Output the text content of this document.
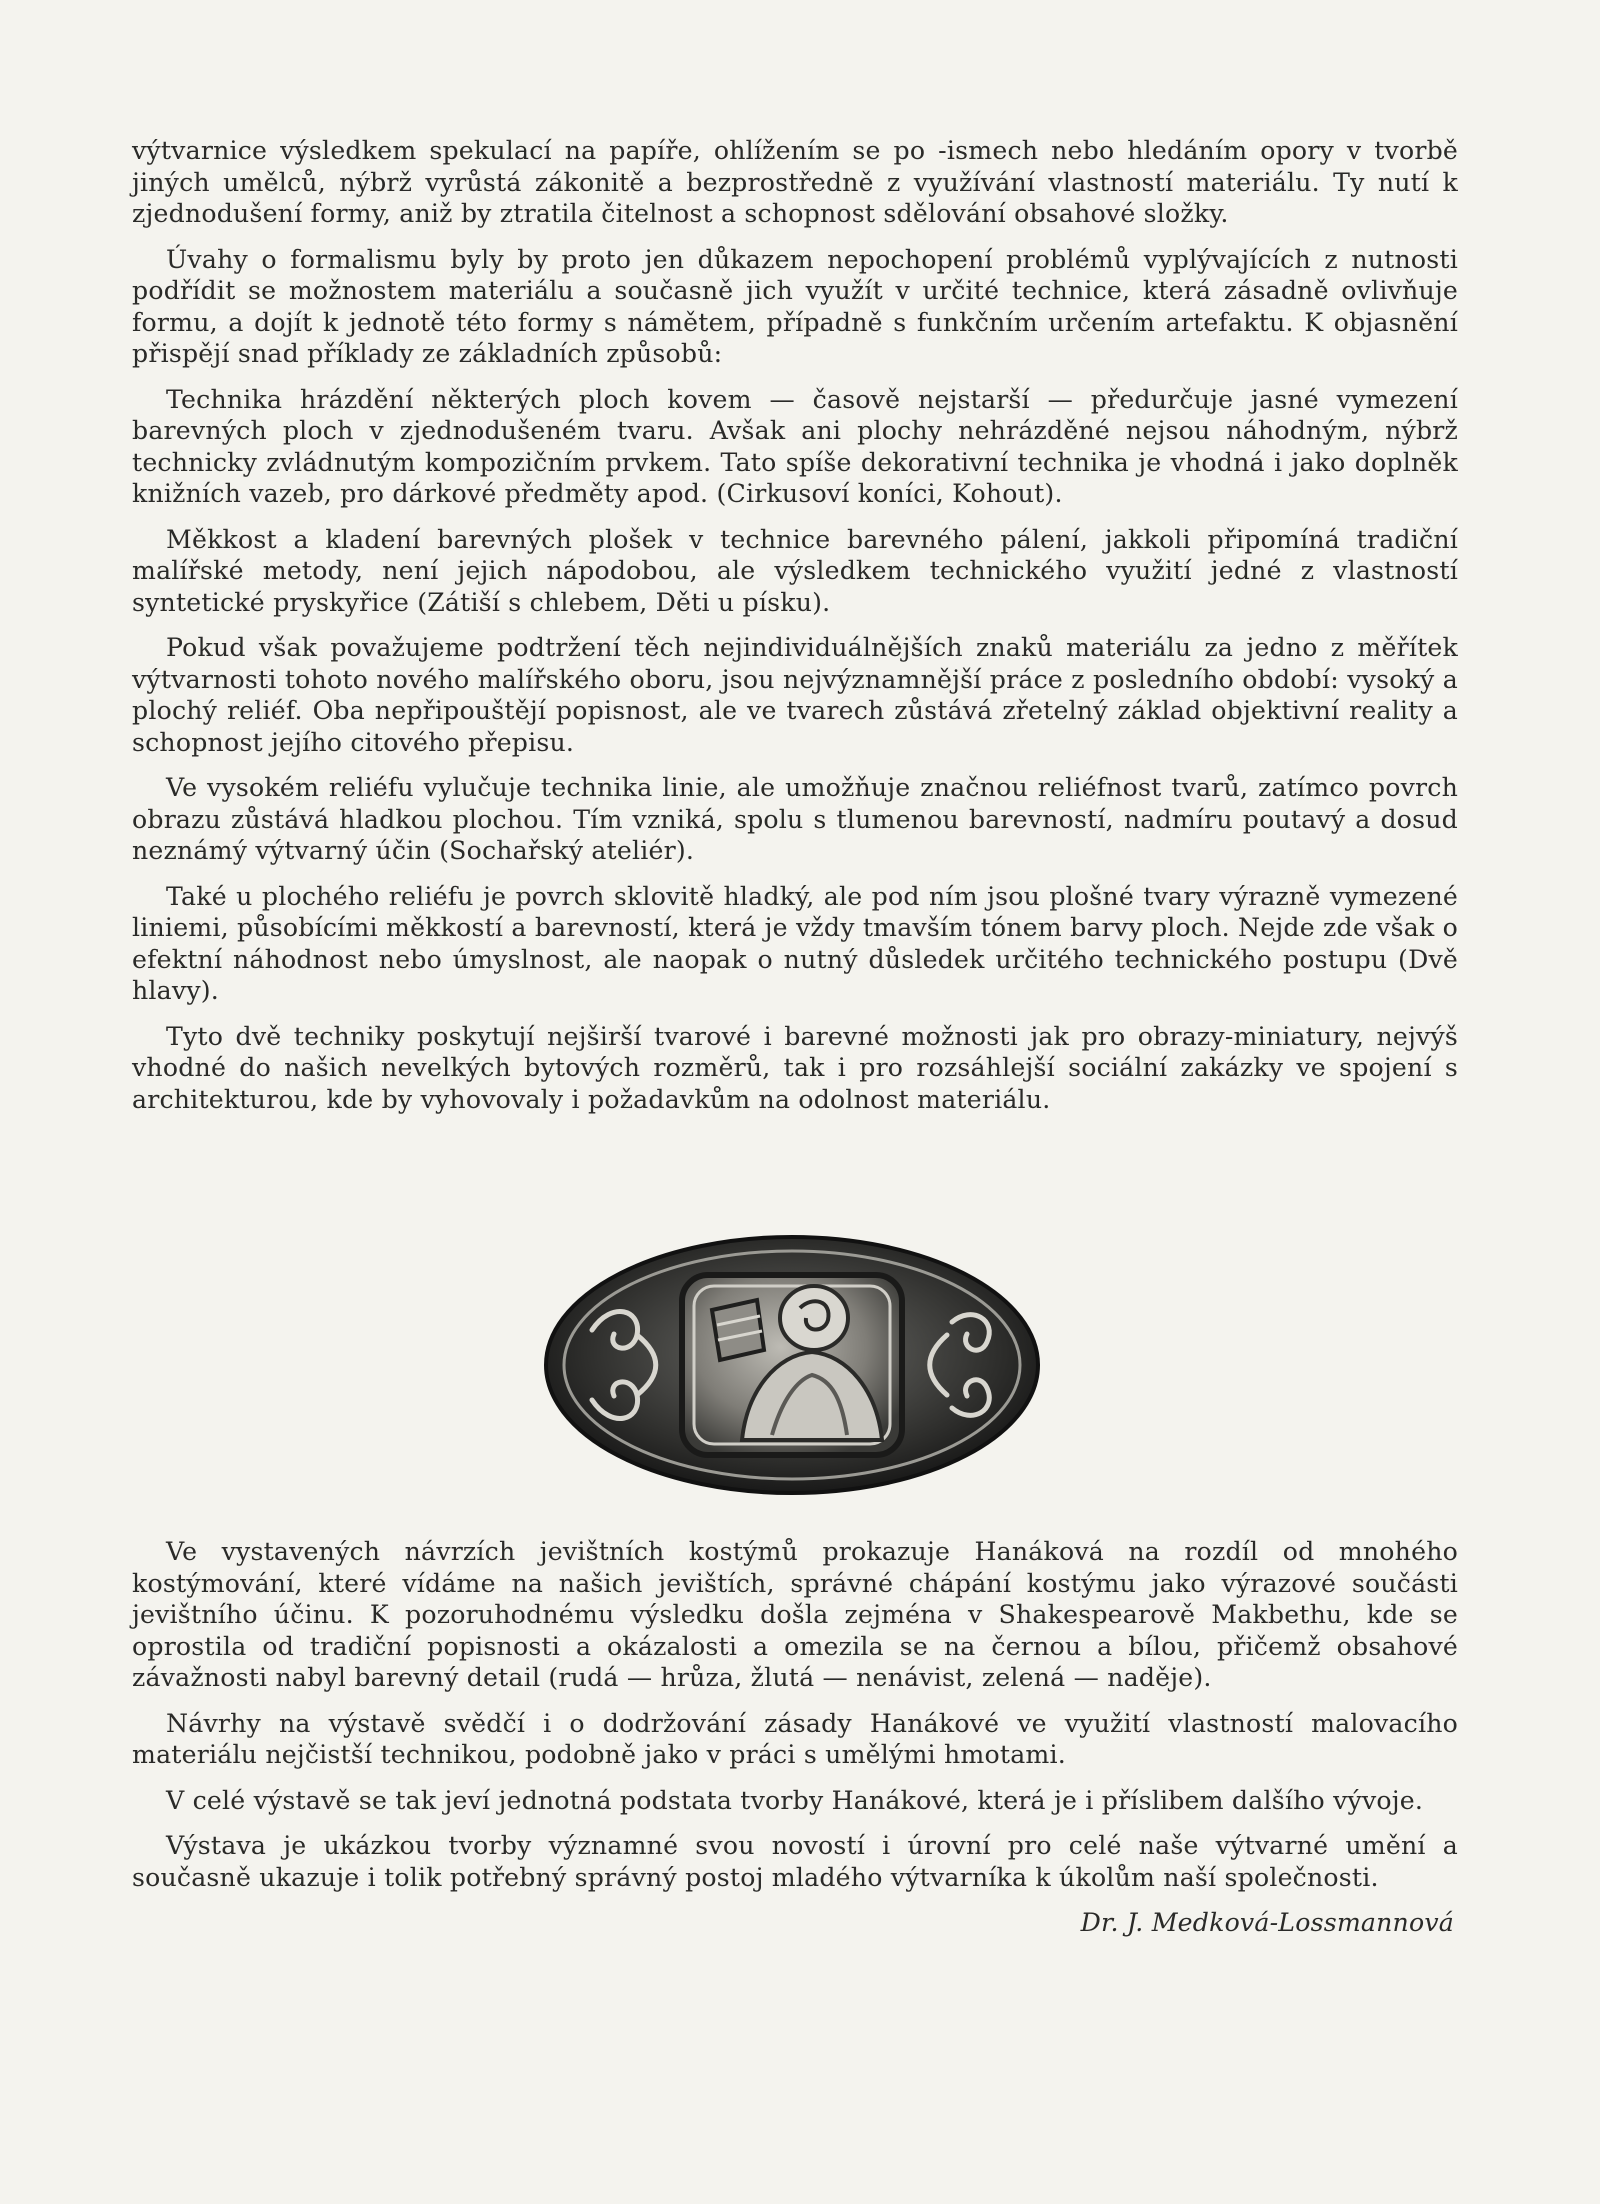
výtvarnice výsledkem spekulací na papíře, ohlížením se po -ismech nebo hledáním opory v tvorbě jiných umělců, nýbrž vyrůstá zákonitě a bezprostředně z využívání vlastností materiálu. Ty nutí k zjednodušení formy, aniž by ztratila čitelnost a schopnost sdělování obsahové složky.

Úvahy o formalismu byly by proto jen důkazem nepochopení problémů vyplývajících z nutnosti podřídit se možnostem materiálu a současně jich využít v určité technice, která zásadně ovlivňuje formu, a dojít k jednotě této formy s námětem, případně s funkčním určením artefaktu. K objasnění přispějí snad příklady ze základních způsobů:

Technika hrázdění některých ploch kovem — časově nejstarší — předurčuje jasné vymezení barevných ploch v zjednodušeném tvaru. Avšak ani plochy nehrázděné nejsou náhodným, nýbrž technicky zvládnutým kompozičním prvkem. Tato spíše dekorativní technika je vhodná i jako doplněk knižních vazeb, pro dárkové předměty apod. (Cirkusoví koníci, Kohout).

Měkkost a kladení barevných plošek v technice barevného pálení, jakkoli připomíná tradiční malířské metody, není jejich nápodobou, ale výsledkem technického využití jedné z vlastností syntetické pryskyřice (Zátiší s chlebem, Děti u písku).

Pokud však považujeme podtržení těch nejindividuálnějších znaků materiálu za jedno z měřítek výtvarnosti tohoto nového malířského oboru, jsou nejvýznamnější práce z posledního období: vysoký a plochý reliéf. Oba nepřipouštějí popisnost, ale ve tvarech zůstává zřetelný základ objektivní reality a schopnost jejího citového přepisu.

Ve vysokém reliéfu vylučuje technika linie, ale umožňuje značnou reliéfnost tvarů, zatímco povrch obrazu zůstává hladkou plochou. Tím vzniká, spolu s tlumenou barevností, nadmíru poutavý a dosud neznámý výtvarný účin (Sochařský ateliér).

Také u plochého reliéfu je povrch sklovitě hladký, ale pod ním jsou plošné tvary výrazně vymezené liniemi, působícími měkkostí a barevností, která je vždy tmavším tónem barvy ploch. Nejde zde však o efektní náhodnost nebo úmyslnost, ale naopak o nutný důsledek určitého technického postupu (Dvě hlavy).

Tyto dvě techniky poskytují nejširší tvarové i barevné možnosti jak pro obrazy-miniatury, nejvýš vhodné do našich nevelkých bytových rozměrů, tak i pro rozsáhlejší sociální zakázky ve spojení s architekturou, kde by vyhovovaly i požadavkům na odolnost materiálu.

Ve vystavených návrzích jevištních kostýmů prokazuje Hanáková na rozdíl od mnohého kostýmování, které vídáme na našich jevištích, správné chápání kostýmu jako výrazové součásti jevištního účinu. K pozoruhodnému výsledku došla zejména v Shakespearově Makbethu, kde se oprostila od tradiční popisnosti a okázalosti a omezila se na černou a bílou, přičemž obsahové závažnosti nabyl barevný detail (rudá — hrůza, žlutá — nenávist, zelená — naděje).

Návrhy na výstavě svědčí i o dodržování zásady Hanákové ve využití vlastností malovacího materiálu nejčistší technikou, podobně jako v práci s umělými hmotami.

V celé výstavě se tak jeví jednotná podstata tvorby Hanákové, která je i příslibem dalšího vývoje.

Výstava je ukázkou tvorby významné svou novostí i úrovní pro celé naše výtvarné umění a současně ukazuje i tolik potřebný správný postoj mladého výtvarníka k úkolům naší společnosti.

Dr. J. Medková-Lossmannová
